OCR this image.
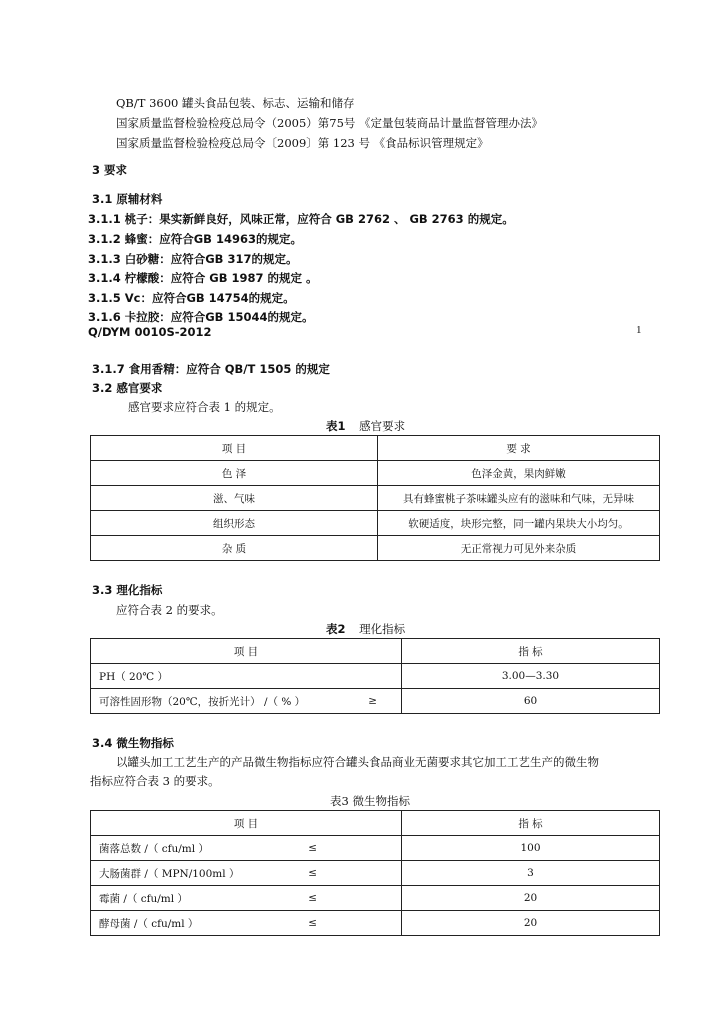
QB/T 3600 罐头食品包装、标志、运输和储存
国家质量监督检验检疫总局令（2005）第75号 《定量包装商品计量监督管理办法》
国家质量监督检验检疫总局令〔2009〕第 123 号 《食品标识管理规定》
3 要求
3.1 原辅材料
3.1.1 桃子：果实新鲜良好，风味正常，应符合 GB 2762 、 GB 2763 的规定。
3.1.2 蜂蜜：应符合GB 14963的规定。
3.1.3 白砂糖：应符合GB 317的规定。
3.1.4 柠檬酸：应符合 GB 1987 的规定 。
3.1.5 Vc：应符合GB 14754的规定。
3.1.6 卡拉胶：应符合GB 15044的规定。
Q/DYM 0010S-2012	1
3.1.7 食用香精：应符合 QB/T 1505 的规定
3.2 感官要求
感官要求应符合表 1 的规定。
表1 感官要求
项 目	要 求
色 泽	色泽金黄，果肉鲜嫩
滋、气味	具有蜂蜜桃子茶味罐头应有的滋味和气味，无异味
组织形态	软硬适度，块形完整，同一罐内果块大小均匀。
杂 质	无正常视力可见外来杂质
3.3 理化指标
应符合表 2 的要求。
表2 理化指标
项 目	指 标

PH（ 20℃ ）	3.00—3.30

可溶性固形物（20℃，按折光计） /（ % ） ≥	60
3.4 微生物指标
以罐头加工工艺生产的产品微生物指标应符合罐头食品商业无菌要求其它加工工艺生产的微生物
指标应符合表 3 的要求。
表3 微生物指标
项 目	指 标

菌落总数 /（ cfu/ml ） ≤	100

大肠菌群 /（ MPN/100ml ） ≤	3

霉菌 /（ cfu/ml ） ≤	20

酵母菌 /（ cfu/ml ） ≤	20
